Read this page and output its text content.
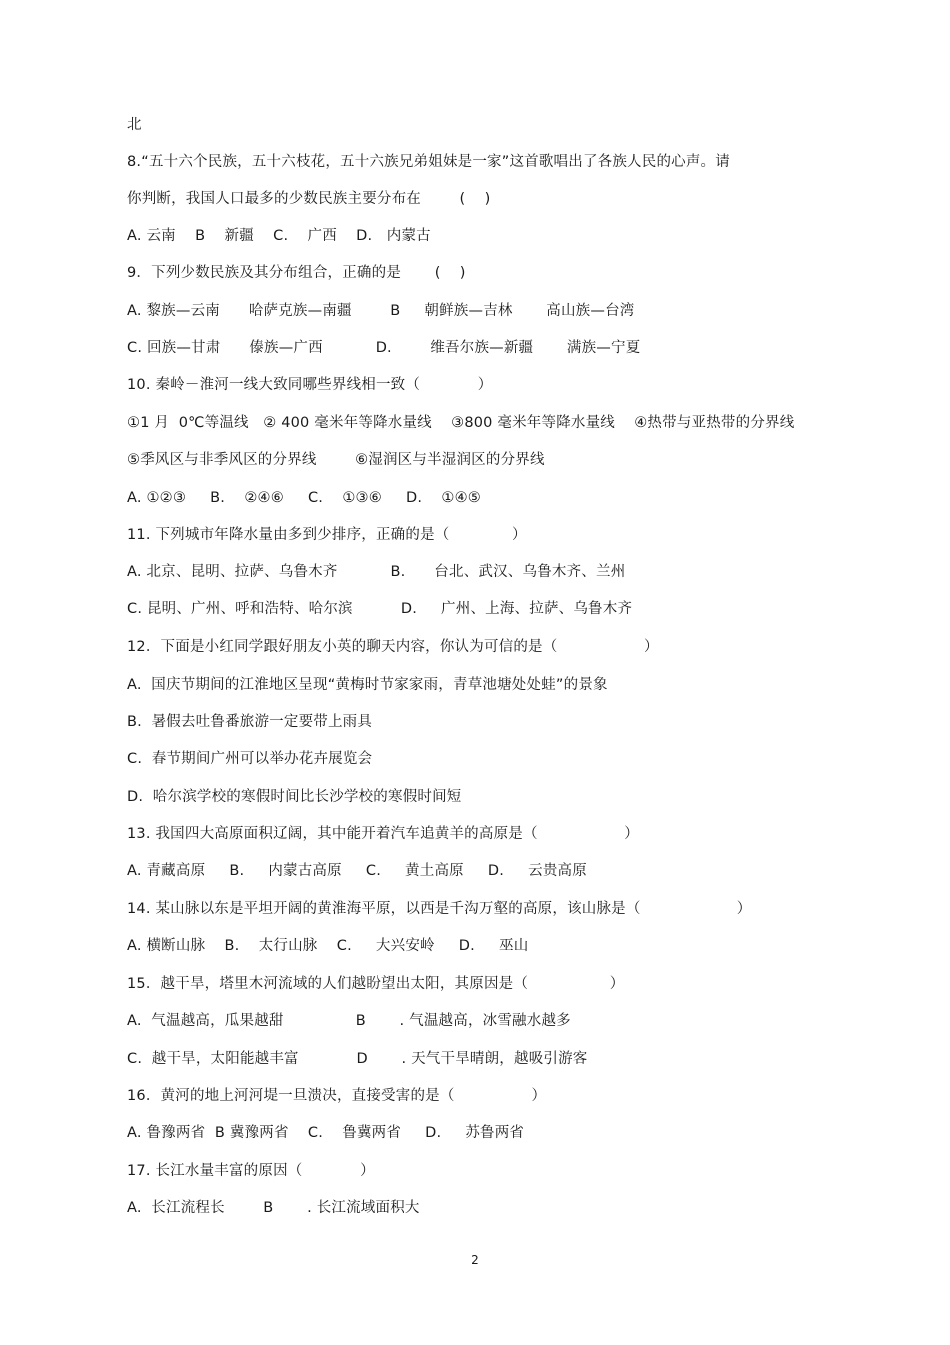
北
8.“五十六个民族，五十六枝花，五十六族兄弟姐妹是一家”这首歌唱出了各族人民的心声。请
你判断，我国人口最多的少数民族主要分布在        (    )
A. 云南    B    新疆    C.    广西    D.   内蒙古
9．下列少数民族及其分布组合，正确的是       (    )
A. 黎族—云南      哈萨克族—南疆        B     朝鲜族—吉林       高山族—台湾
C. 回族—甘肃      傣族—广西           D.        维吾尔族—新疆       满族—宁夏
10. 秦岭－淮河一线大致同哪些界线相一致（            ）
①1 月  0℃等温线   ② 400 毫米年等降水量线    ③800 毫米年等降水量线    ④热带与亚热带的分界线
⑤季风区与非季风区的分界线        ⑥湿润区与半湿润区的分界线
A. ①②③     B.    ②④⑥     C.    ①③⑥     D.    ①④⑤
11. 下列城市年降水量由多到少排序，正确的是（             ）
A. 北京、昆明、拉萨、乌鲁木齐           B.      台北、武汉、乌鲁木齐、兰州
C. 昆明、广州、呼和浩特、哈尔滨          D.     广州、上海、拉萨、乌鲁木齐
12．下面是小红同学跟好朋友小英的聊天内容，你认为可信的是（                  ）
A.  国庆节期间的江淮地区呈现“黄梅时节家家雨，青草池塘处处蛙”的景象
B.  暑假去吐鲁番旅游一定要带上雨具
C.  春节期间广州可以举办花卉展览会
D.  哈尔滨学校的寒假时间比长沙学校的寒假时间短
13. 我国四大高原面积辽阔，其中能开着汽车追黄羊的高原是（                  ）
A. 青藏高原     B.     内蒙古高原     C.     黄土高原     D.     云贵高原
14. 某山脉以东是平坦开阔的黄淮海平原，以西是千沟万壑的高原，该山脉是（                    ）
A. 横断山脉    B.    太行山脉    C.     大兴安岭     D.     巫山
15．越干旱，塔里木河流域的人们越盼望出太阳，其原因是（                 ）
A.  气温越高，瓜果越甜               B       . 气温越高，冰雪融水越多
C.  越干旱，太阳能越丰富            D       . 天气干旱晴朗，越吸引游客
16．黄河的地上河河堤一旦溃决，直接受害的是（                ）
A. 鲁豫两省  B 冀豫两省    C.    鲁冀两省     D.     苏鲁两省
17. 长江水量丰富的原因（            ）
A.  长江流程长        B       . 长江流域面积大
2
